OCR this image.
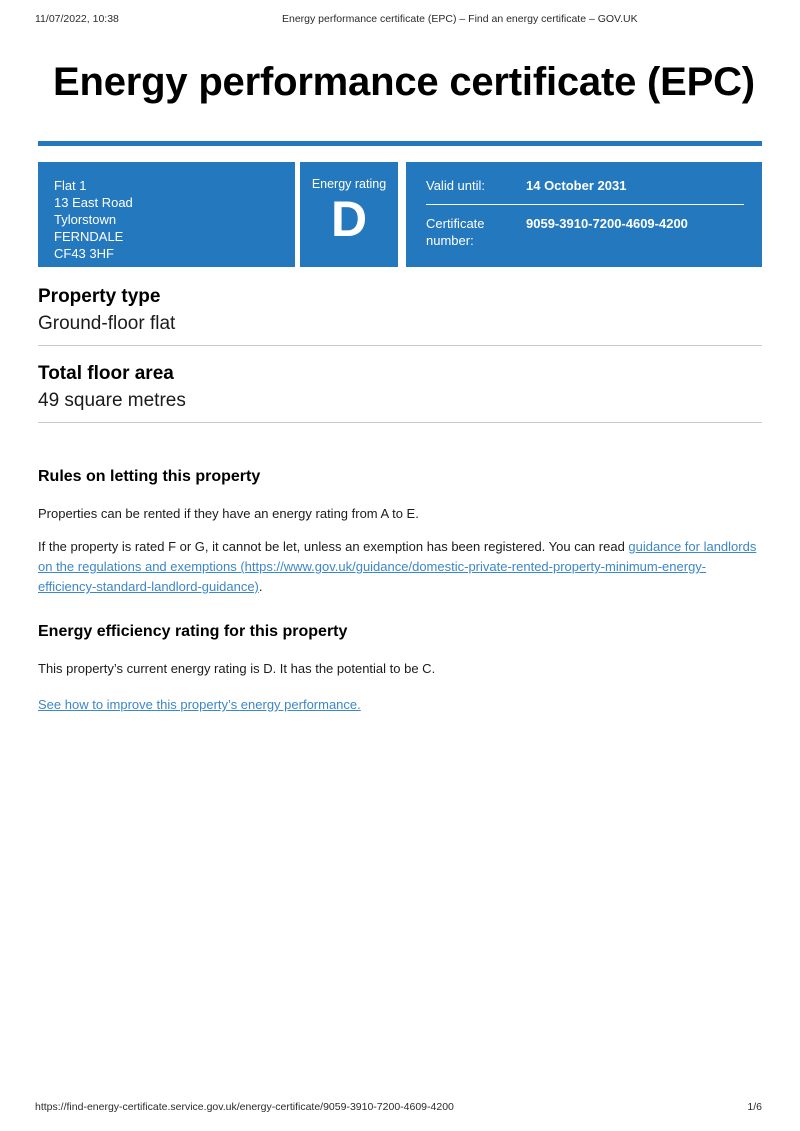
11/07/2022, 10:38	Energy performance certificate (EPC) – Find an energy certificate – GOV.UK
Energy performance certificate (EPC)
Flat 1
13 East Road
Tylorstown
FERNDALE
CF43 3HF
Energy rating
D
Valid until:	14 October 2031
Certificate number:
9059-3910-7200-4609-4200
Property type

Ground-floor flat

Total floor area

49 square metres

Rules on letting this property

Properties can be rented if they have an energy rating from A to E.

If the property is rated F or G, it cannot be let, unless an exemption has been registered. You can read guidance for landlords on the regulations and exemptions (https://www.gov.uk/guidance/domestic-private-rented-property-minimum-energy-efficiency-standard-landlord-guidance).

Energy efficiency rating for this property

This property’s current energy rating is D. It has the potential to be C.

See how to improve this property’s energy performance.

https://find-energy-certificate.service.gov.uk/energy-certificate/9059-3910-7200-4609-4200	1/6
